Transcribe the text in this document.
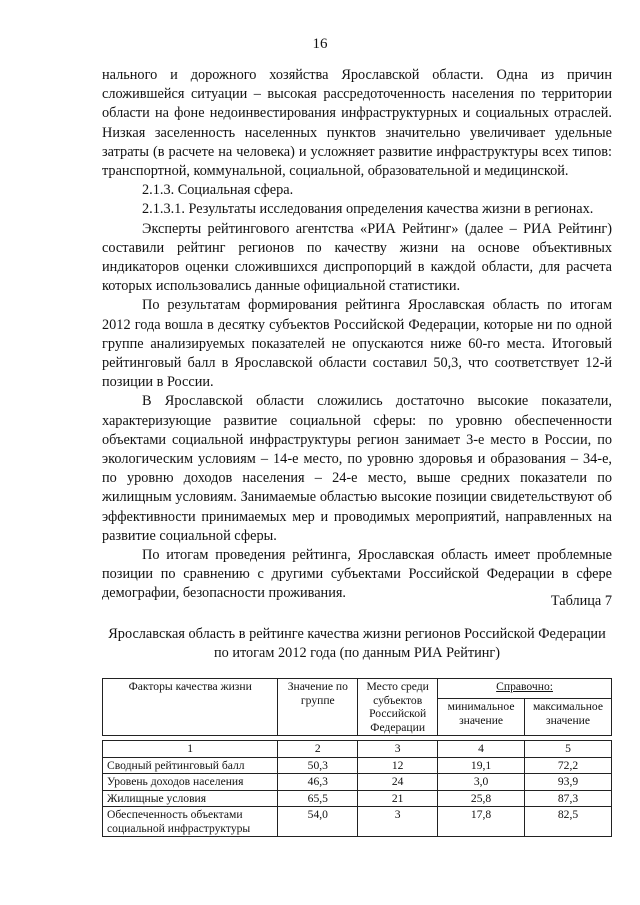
16

нального и дорожного хозяйства Ярославской области. Одна из причин сложившейся ситуации – высокая рассредоточенность населения по территории области на фоне недоинвестирования инфраструктурных и социальных отраслей. Низкая заселенность населенных пунктов значительно увеличивает удельные затраты (в расчете на человека) и усложняет развитие инфраструктуры всех типов: транспортной, коммунальной, социальной, образовательной и медицинской.

2.1.3. Социальная сфера.

2.1.3.1. Результаты исследования определения качества жизни в регионах.

Эксперты рейтингового агентства «РИА Рейтинг» (далее – РИА Рейтинг) составили рейтинг регионов по качеству жизни на основе объективных индикаторов оценки сложившихся диспропорций в каждой области, для расчета которых использовались данные официальной статистики.

По результатам формирования рейтинга Ярославская область по итогам 2012 года вошла в десятку субъектов Российской Федерации, которые ни по одной группе анализируемых показателей не опускаются ниже 60-го места. Итоговый рейтинговый балл в Ярославской области составил 50,3, что соответствует 12-й позиции в России.

В Ярославской области сложились достаточно высокие показатели, характеризующие развитие социальной сферы: по уровню обеспеченности объектами социальной инфраструктуры регион занимает 3-е место в России, по экологическим условиям – 14-е место, по уровню здоровья и образования – 34-е, по уровню доходов населения – 24-е место, выше средних показатели по жилищным условиям. Занимаемые областью высокие позиции свидетельствуют об эффективности принимаемых мер и проводимых мероприятий, направленных на развитие социальной сферы.

По итогам проведения рейтинга, Ярославская область имеет проблемные позиции по сравнению с другими субъектами Российской Федерации в сфере демографии, безопасности проживания.	Таблица 7
Ярославская область в рейтинге качества жизни регионов Российской Федерации по итогам 2012 года (по данным РИА Рейтинг)
Факторы качества жизни	Значение по группе	Место среди субъектов Российской Федерации	Справочно:	
			минимальное значение	максимальное значение

1	2	3	4	5
Сводный рейтинговый балл	50,3	12	19,1	72,2
Уровень доходов населения	46,3	24	3,0	93,9
Жилищные условия	65,5	21	25,8	87,3
Обеспеченность объектами социальной инфраструктуры	54,0	3	17,8	82,5
